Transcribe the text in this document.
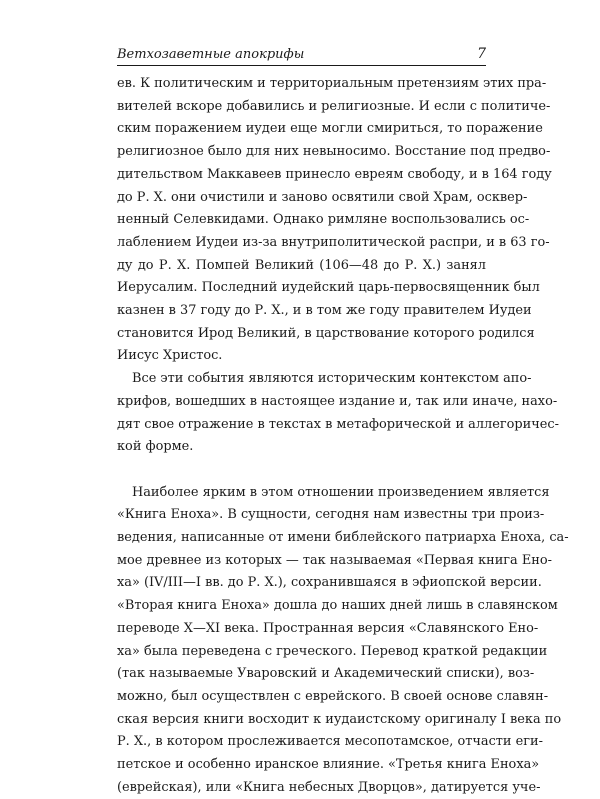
Ветхозаветные апокрифы	7

ев. К политическим и территориальным претензиям этих пра-
вителей вскоре добавились и религиозные. И если с политиче-
ским поражением иудеи еще могли смириться, то поражение
религиозное было для них невыносимо. Восстание под предво-
дительством Маккавеев принесло евреям свободу, и в 164 году
до Р. Х. они очистили и заново освятили свой Храм, осквер-
ненный Селевкидами. Однако римляне воспользовались ос-
лаблением Иудеи из-за внутриполитической распри, и в 63 го-
ду до Р. Х. Помпей Великий (106—48 до Р. Х.) занял
Иерусалим. Последний иудейский царь-первосвященник был
казнен в 37 году до Р. Х., и в том же году правителем Иудеи
становится Ирод Великий, в царствование которого родился
Иисус Христос.

Все эти события являются историческим контекстом апо-
крифов, вошедших в настоящее издание и, так или иначе, нахо-
дят свое отражение в текстах в метафорической и аллегоричес-
кой форме.

Наиболее ярким в этом отношении произведением является
«Книга Еноха». В сущности, сегодня нам известны три произ-
ведения, написанные от имени библейского патриарха Еноха, са-
мое древнее из которых — так называемая «Первая книга Ено-
ха» (IV/III—I вв. до Р. Х.), сохранившаяся в эфиопской версии.
«Вторая книга Еноха» дошла до наших дней лишь в славянском
переводе X—XI века. Пространная версия «Славянского Ено-
ха» была переведена с греческого. Перевод краткой редакции
(так называемые Уваровский и Академический списки), воз-
можно, был осуществлен с еврейского. В своей основе славян-
ская версия книги восходит к иудаистскому оригиналу I века по
Р. Х., в котором прослеживается месопотамское, отчасти еги-
петское и особенно иранское влияние. «Третья книга Еноха»
(еврейская), или «Книга небесных Дворцов», датируется уче-
